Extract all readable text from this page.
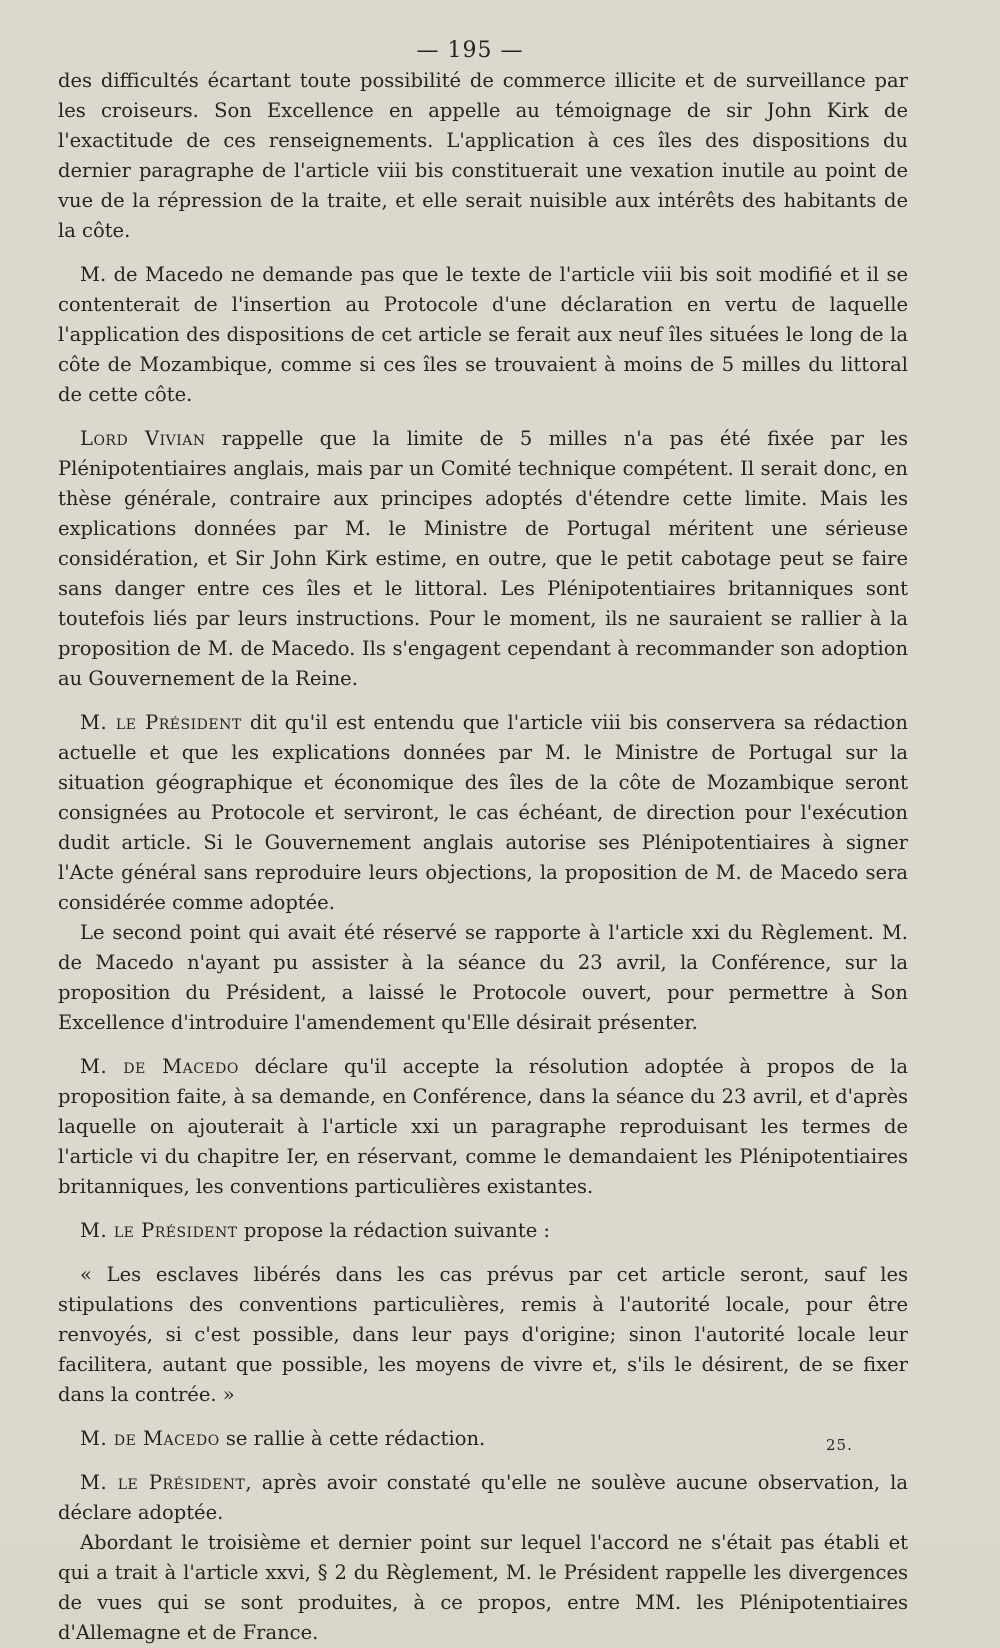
— 195 —

des difficultés écartant toute possibilité de commerce illicite et de surveillance par les croiseurs. Son Excellence en appelle au témoignage de sir John Kirk de l'exactitude de ces renseignements. L'application à ces îles des dispositions du dernier paragraphe de l'article viii bis constituerait une vexation inutile au point de vue de la répression de la traite, et elle serait nuisible aux intérêts des habitants de la côte.

M. de Macedo ne demande pas que le texte de l'article viii bis soit modifié et il se contenterait de l'insertion au Protocole d'une déclaration en vertu de laquelle l'application des dispositions de cet article se ferait aux neuf îles situées le long de la côte de Mozambique, comme si ces îles se trouvaient à moins de 5 milles du littoral de cette côte.

Lord Vivian rappelle que la limite de 5 milles n'a pas été fixée par les Plénipotentiaires anglais, mais par un Comité technique compétent. Il serait donc, en thèse générale, contraire aux principes adoptés d'étendre cette limite. Mais les explications données par M. le Ministre de Portugal méritent une sérieuse considération, et Sir John Kirk estime, en outre, que le petit cabotage peut se faire sans danger entre ces îles et le littoral. Les Plénipotentiaires britanniques sont toutefois liés par leurs instructions. Pour le moment, ils ne sauraient se rallier à la proposition de M. de Macedo. Ils s'engagent cependant à recommander son adoption au Gouvernement de la Reine.

M. le Président dit qu'il est entendu que l'article viii bis conservera sa rédaction actuelle et que les explications données par M. le Ministre de Portugal sur la situation géographique et économique des îles de la côte de Mozambique seront consignées au Protocole et serviront, le cas échéant, de direction pour l'exécution dudit article. Si le Gouvernement anglais autorise ses Plénipotentiaires à signer l'Acte général sans reproduire leurs objections, la proposition de M. de Macedo sera considérée comme adoptée.

Le second point qui avait été réservé se rapporte à l'article xxi du Règlement. M. de Macedo n'ayant pu assister à la séance du 23 avril, la Conférence, sur la proposition du Président, a laissé le Protocole ouvert, pour permettre à Son Excellence d'introduire l'amendement qu'Elle désirait présenter.

M. de Macedo déclare qu'il accepte la résolution adoptée à propos de la proposition faite, à sa demande, en Conférence, dans la séance du 23 avril, et d'après laquelle on ajouterait à l'article xxi un paragraphe reproduisant les termes de l'article vi du chapitre Ier, en réservant, comme le demandaient les Plénipotentiaires britanniques, les conventions particulières existantes.

M. le Président propose la rédaction suivante :

« Les esclaves libérés dans les cas prévus par cet article seront, sauf les stipulations des conventions particulières, remis à l'autorité locale, pour être renvoyés, si c'est possible, dans leur pays d'origine; sinon l'autorité locale leur facilitera, autant que possible, les moyens de vivre et, s'ils le désirent, de se fixer dans la contrée. »

M. de Macedo se rallie à cette rédaction.

M. le Président, après avoir constaté qu'elle ne soulève aucune observation, la déclare adoptée.

Abordant le troisième et dernier point sur lequel l'accord ne s'était pas établi et qui a trait à l'article xxvi, § 2 du Règlement, M. le Président rappelle les divergences de vues qui se sont produites, à ce propos, entre MM. les Plénipotentiaires d'Allemagne et de France.

25.
